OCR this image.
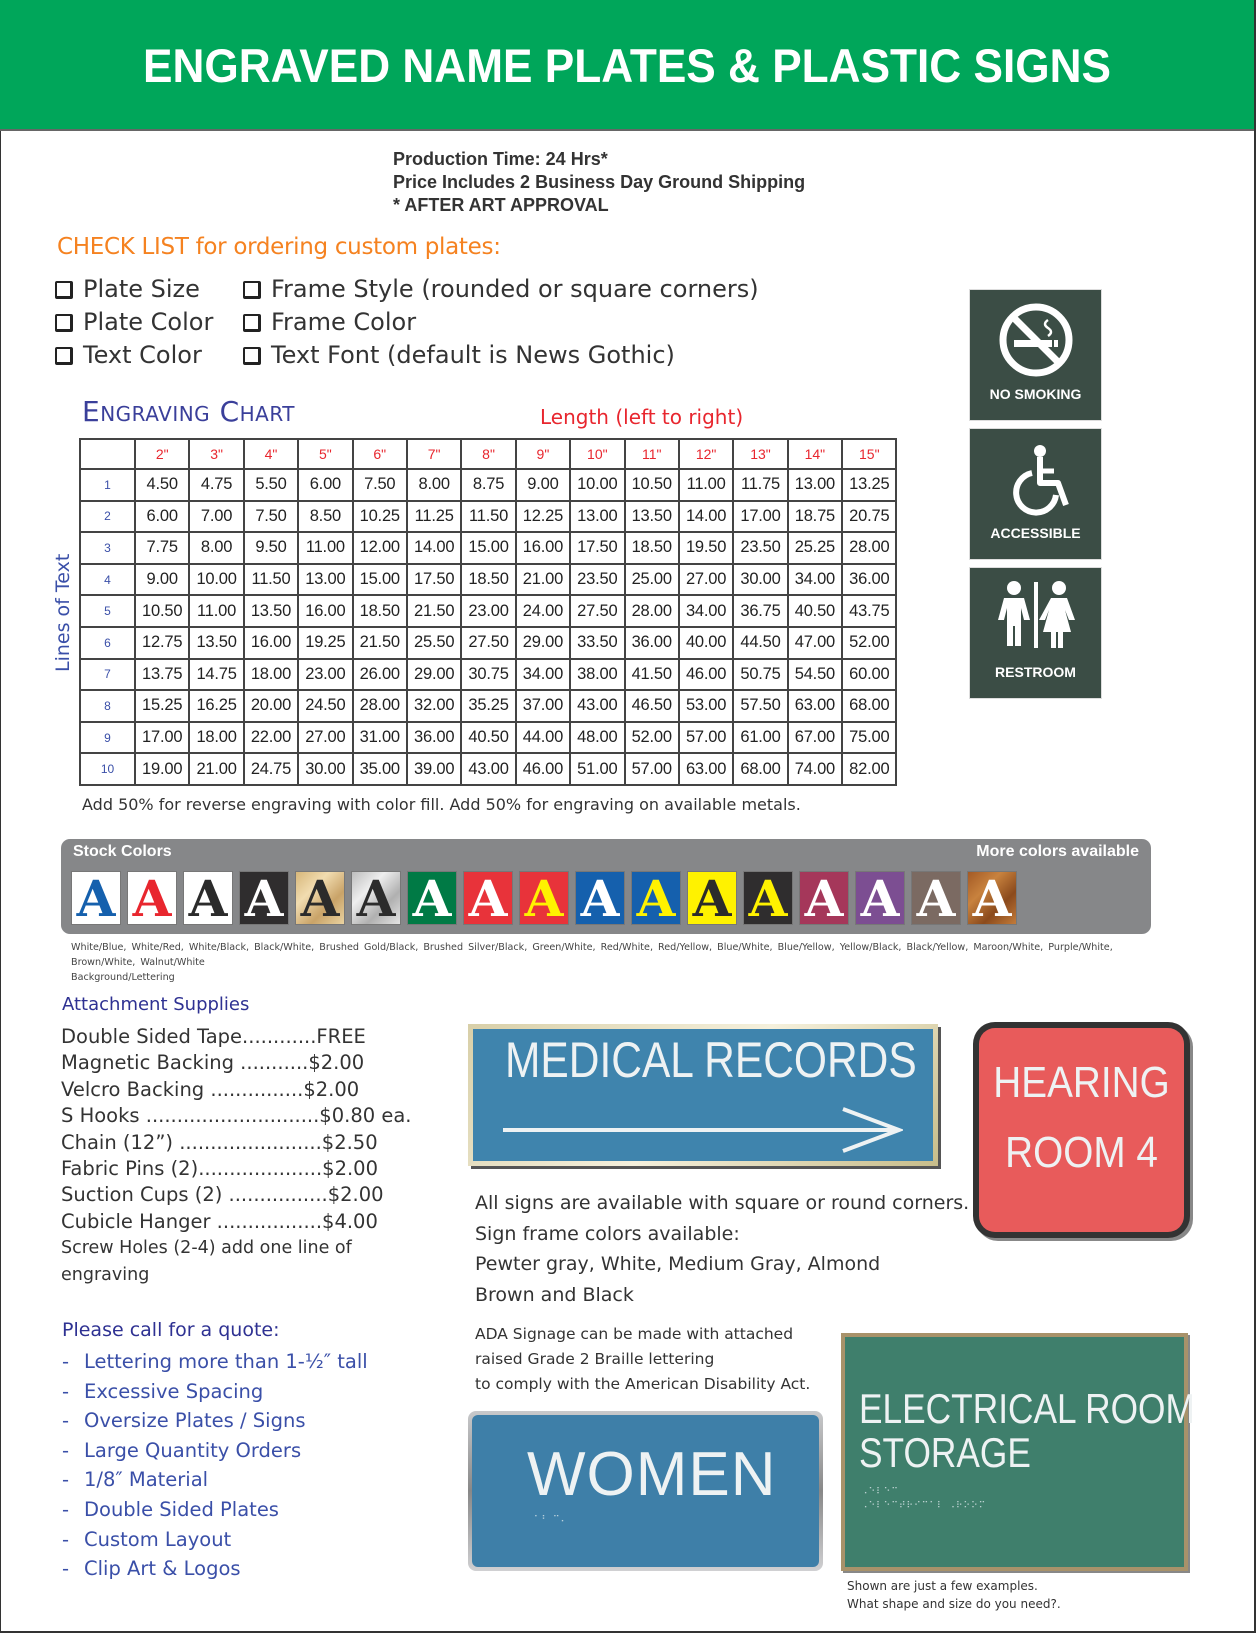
ENGRAVED NAME PLATES & PLASTIC SIGNS
Production Time: 24 Hrs*
Price Includes 2 Business Day Ground Shipping
* AFTER ART APPROVAL
CHECK LIST for ordering custom plates:
Plate Size
Plate Color
Text Color
Frame Style (rounded or square corners)
Frame Color
Text Font (default is News Gothic)
Engraving Chart	Length (left to right)
Lines of Text
	2"	3"	4"	5"	6"	7"	8"	9"	10"	11"	12"	13"	14"	15"
1	4.50	4.75	5.50	6.00	7.50	8.00	8.75	9.00	10.00	10.50	11.00	11.75	13.00	13.25
2	6.00	7.00	7.50	8.50	10.25	11.25	11.50	12.25	13.00	13.50	14.00	17.00	18.75	20.75
3	7.75	8.00	9.50	11.00	12.00	14.00	15.00	16.00	17.50	18.50	19.50	23.50	25.25	28.00
4	9.00	10.00	11.50	13.00	15.00	17.50	18.50	21.00	23.50	25.00	27.00	30.00	34.00	36.00
5	10.50	11.00	13.50	16.00	18.50	21.50	23.00	24.00	27.50	28.00	34.00	36.75	40.50	43.75
6	12.75	13.50	16.00	19.25	21.50	25.50	27.50	29.00	33.50	36.00	40.00	44.50	47.00	52.00
7	13.75	14.75	18.00	23.00	26.00	29.00	30.75	34.00	38.00	41.50	46.00	50.75	54.50	60.00
8	15.25	16.25	20.00	24.50	28.00	32.00	35.25	37.00	43.00	46.50	53.00	57.50	63.00	68.00
9	17.00	18.00	22.00	27.00	31.00	36.00	40.50	44.00	48.00	52.00	57.00	61.00	67.00	75.00
10	19.00	21.00	24.75	30.00	35.00	39.00	43.00	46.00	51.00	57.00	63.00	68.00	74.00	82.00
Add 50% for reverse engraving with color fill. Add 50% for engraving on available metals.
NO SMOKING
ACCESSIBLE
RESTROOM
Stock Colors	More colors available
A A A A A A A A A A A A A A A A A
White/Blue, White/Red, White/Black, Black/White, Brushed Gold/Black, Brushed Silver/Black, Green/White, Red/White, Red/Yellow, Blue/White, Blue/Yellow, Yellow/Black, Black/Yellow, Maroon/White, Purple/White, Brown/White, Walnut/White
Background/Lettering
Attachment Supplies
Double Sided Tape............FREE
Magnetic Backing ...........$2.00
Velcro Backing ...............$2.00
S Hooks ............................$0.80 ea.
Chain (12”) .......................$2.50
Fabric Pins (2)....................$2.00
Suction Cups (2) ................$2.00
Cubicle Hanger .................$4.00
Screw Holes (2-4) add one line of
engraving
Please call for a quote:
- Lettering more than 1-½″ tall
- Excessive Spacing
- Oversize Plates / Signs
- Large Quantity Orders
- 1/8″ Material
- Double Sided Plates
- Custom Layout
- Clip Art & Logos
MEDICAL RECORDS HEARING
ROOM 4
All signs are available with square or round corners.
Sign frame colors available:
Pewter gray, White, Medium Gray, Almond
Brown and Black
ADA Signage can be made with attached
raised Grade 2 Braille lettering
to comply with the American Disability Act.
WOMEN
⠁⠃ ⠉⠄
ELECTRICAL ROOM
STORAGE
⠠⠑⠇⠑⠉
⠠⠑⠇⠑⠉⠞⠗⠊⠉⠁⠇ ⠠⠗⠕⠕⠍
Shown are just a few examples.
What shape and size do you need?.
